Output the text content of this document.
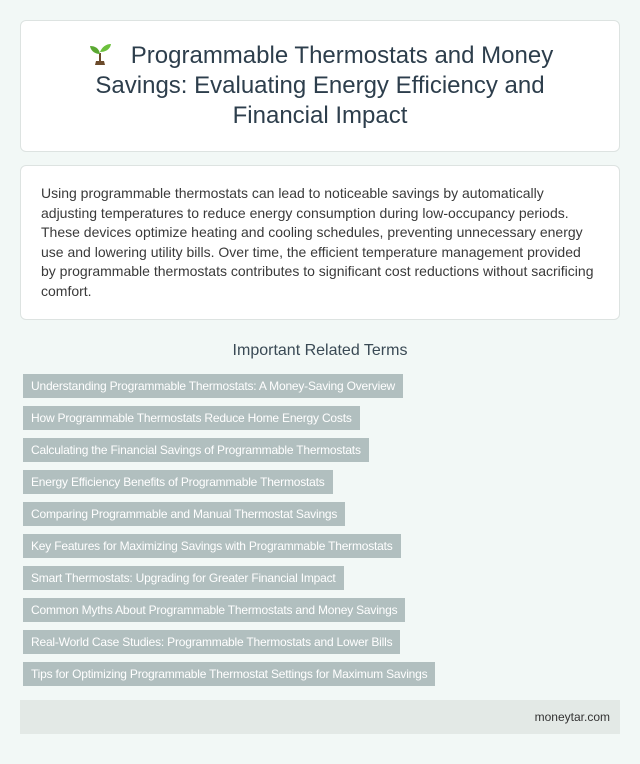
Programmable Thermostats and Money Savings: Evaluating Energy Efficiency and Financial Impact

Using programmable thermostats can lead to noticeable savings by automatically adjusting temperatures to reduce energy consumption during low-occupancy periods. These devices optimize heating and cooling schedules, preventing unnecessary energy use and lowering utility bills. Over time, the efficient temperature management provided by programmable thermostats contributes to significant cost reductions without sacrificing comfort.

Important Related Terms
Understanding Programmable Thermostats: A Money-Saving Overview
How Programmable Thermostats Reduce Home Energy Costs
Calculating the Financial Savings of Programmable Thermostats
Energy Efficiency Benefits of Programmable Thermostats
Comparing Programmable and Manual Thermostat Savings
Key Features for Maximizing Savings with Programmable Thermostats
Smart Thermostats: Upgrading for Greater Financial Impact
Common Myths About Programmable Thermostats and Money Savings
Real-World Case Studies: Programmable Thermostats and Lower Bills
Tips for Optimizing Programmable Thermostat Settings for Maximum Savings
moneytar.com
